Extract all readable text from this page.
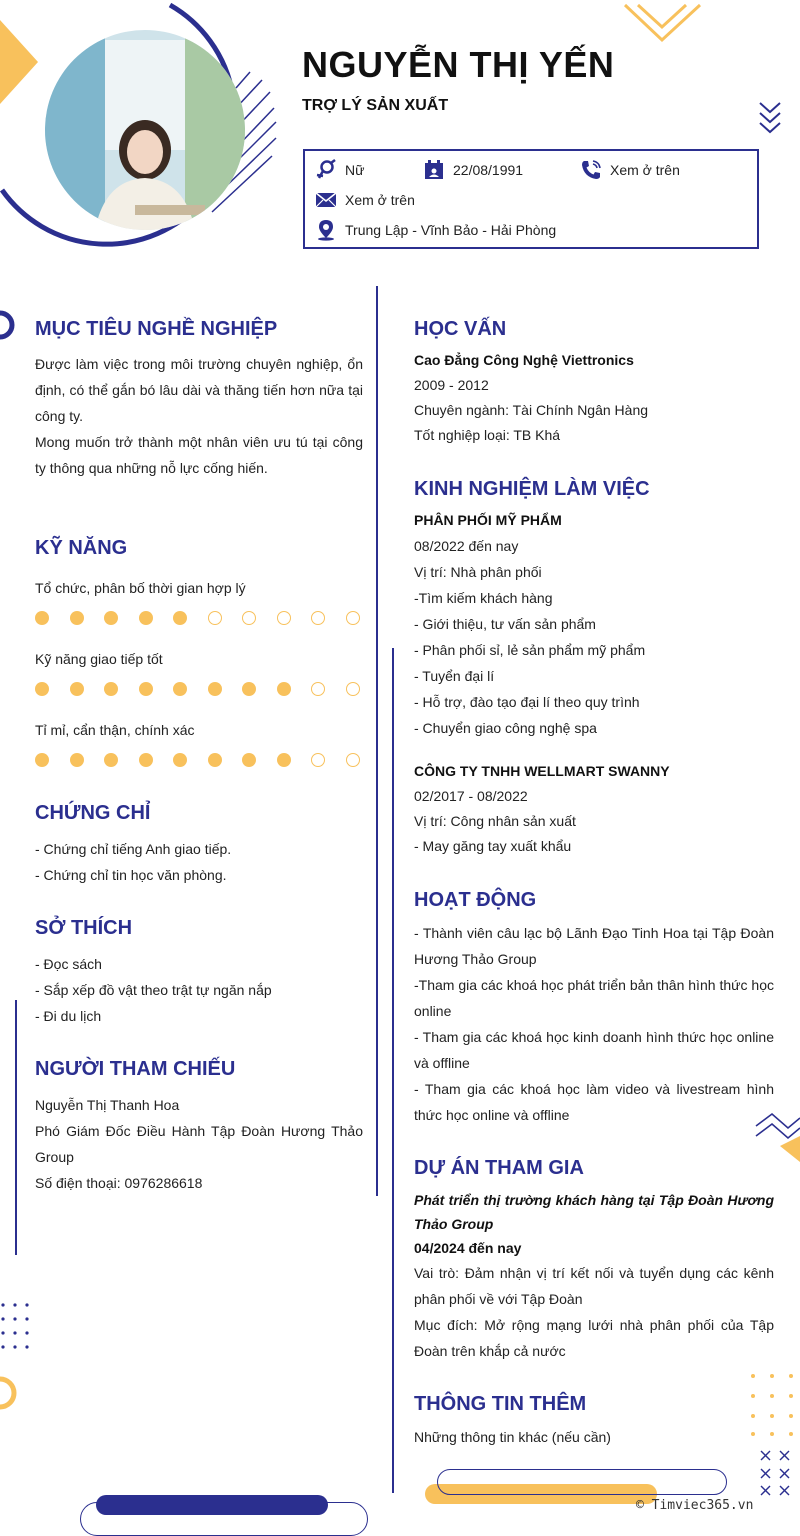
NGUYỄN THỊ YẾN
TRỢ LÝ SẢN XUẤT
Nữ	22/08/1991	Xem ở trên
Xem ở trên
Trung Lập - Vĩnh Bảo - Hải Phòng
MỤC TIÊU NGHỀ NGHIỆP

Được làm việc trong môi trường chuyên nghiệp, ổn định, có thể gắn bó lâu dài và thăng tiến hơn nữa tại công ty.

Mong muốn trở thành một nhân viên ưu tú tại công ty thông qua những nỗ lực cống hiến.

KỸ NĂNG
Tổ chức, phân bố thời gian hợp lý
Kỹ năng giao tiếp tốt
Tỉ mỉ, cẩn thận, chính xác
CHỨNG CHỈ
- Chứng chỉ tiếng Anh giao tiếp.
- Chứng chỉ tin học văn phòng.
SỞ THÍCH
- Đọc sách
- Sắp xếp đồ vật theo trật tự ngăn nắp
- Đi du lịch
NGƯỜI THAM CHIẾU

Nguyễn Thị Thanh Hoa

Phó Giám Đốc Điều Hành Tập Đoàn Hương Thảo Group

Số điện thoại: 0976286618

HỌC VẤN
Cao Đẳng Công Nghệ Viettronics
2009 - 2012
Chuyên ngành: Tài Chính Ngân Hàng
Tốt nghiệp loại: TB Khá
KINH NGHIỆM LÀM VIỆC
PHÂN PHỐI MỸ PHẨM
08/2022 đến nay
Vị trí: Nhà phân phối
-Tìm kiếm khách hàng
- Giới thiệu, tư vấn sản phẩm
- Phân phối sỉ, lẻ sản phẩm mỹ phẩm
- Tuyển đại lí
- Hỗ trợ, đào tạo đại lí theo quy trình
- Chuyển giao công nghệ spa
CÔNG TY TNHH WELLMART SWANNY
02/2017 - 08/2022
Vị trí: Công nhân sản xuất
- May găng tay xuất khẩu
HOẠT ĐỘNG

- Thành viên câu lạc bộ Lãnh Đạo Tinh Hoa tại Tập Đoàn Hương Thảo Group

-Tham gia các khoá học phát triển bản thân hình thức học online

- Tham gia các khoá học kinh doanh hình thức học online và offline

- Tham gia các khoá học làm video và livestream hình thức học online và offline

DỰ ÁN THAM GIA

Phát triển thị trường khách hàng tại Tập Đoàn Hương Thảo Group

04/2024 đến nay

Vai trò: Đảm nhận vị trí kết nối và tuyển dụng các kênh phân phối về với Tập Đoàn

Mục đích: Mở rộng mạng lưới nhà phân phối của Tập Đoàn trên khắp cả nước

THÔNG TIN THÊM
Những thông tin khác (nếu cần)
© Timviec365.vn
